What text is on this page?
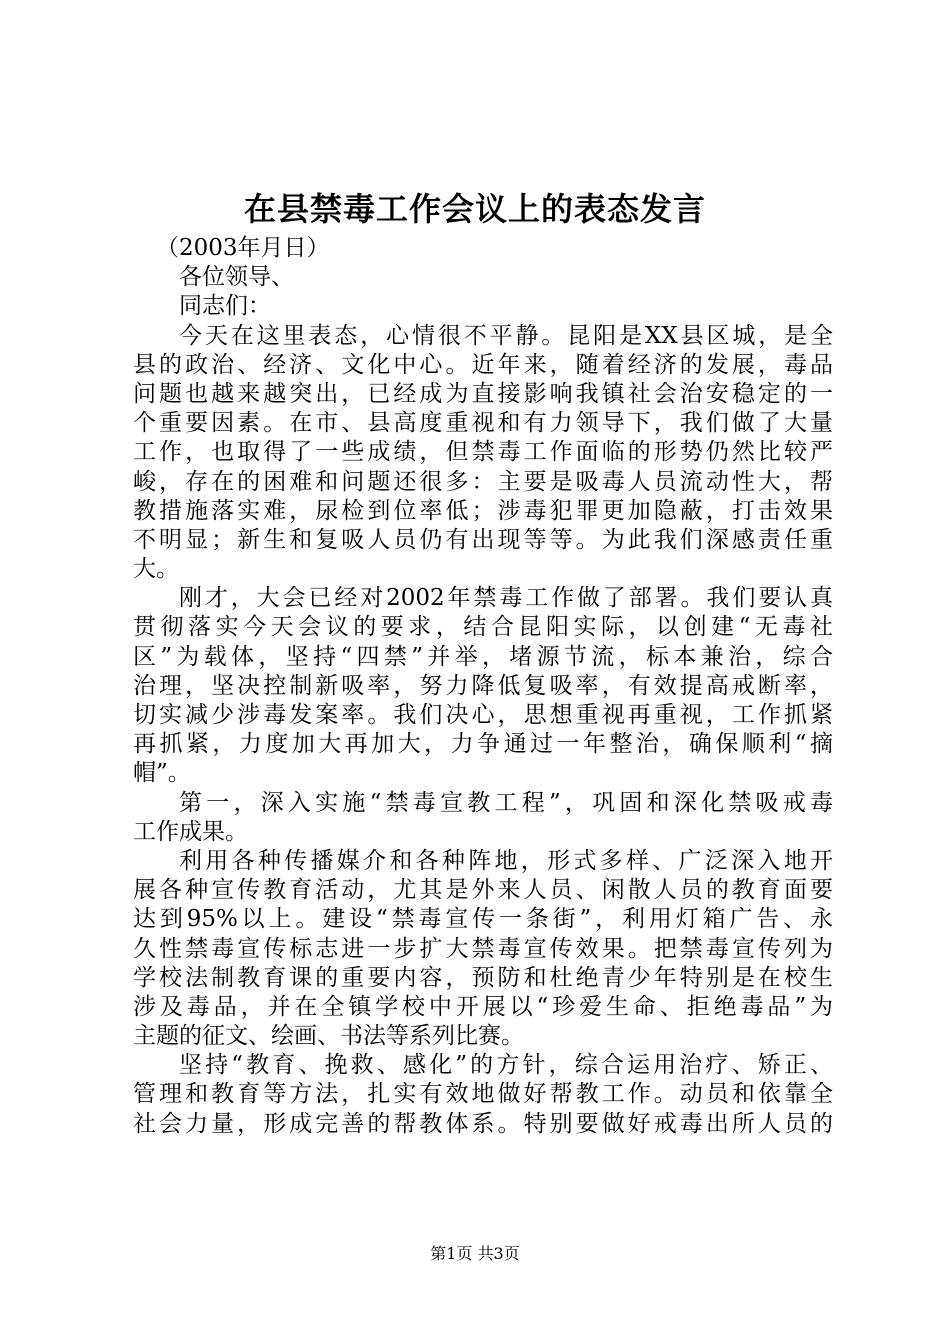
在县禁毒工作会议上的表态发言
（2003年月日）
各位领导、
同志们：
今天在这里表态，心情很不平静。昆阳是XX县区城，是全
县的政治、经济、文化中心。近年来，随着经济的发展，毒品
问题也越来越突出，已经成为直接影响我镇社会治安稳定的一
个重要因素。在市、县高度重视和有力领导下，我们做了大量
工作，也取得了一些成绩，但禁毒工作面临的形势仍然比较严
峻，存在的困难和问题还很多：主要是吸毒人员流动性大，帮
教措施落实难，尿检到位率低；涉毒犯罪更加隐蔽，打击效果
不明显；新生和复吸人员仍有出现等等。为此我们深感责任重
大。
刚才，大会已经对2002年禁毒工作做了部署。我们要认真
贯彻落实今天会议的要求，结合昆阳实际，以创建“无毒社
区”为载体，坚持“四禁”并举，堵源节流，标本兼治，综合
治理，坚决控制新吸率，努力降低复吸率，有效提高戒断率，
切实减少涉毒发案率。我们决心，思想重视再重视，工作抓紧
再抓紧，力度加大再加大，力争通过一年整治，确保顺利“摘
帽”。
第一，深入实施“禁毒宣教工程”，巩固和深化禁吸戒毒
工作成果。
利用各种传播媒介和各种阵地，形式多样、广泛深入地开
展各种宣传教育活动，尤其是外来人员、闲散人员的教育面要
达到95%以上。建设“禁毒宣传一条街”，利用灯箱广告、永
久性禁毒宣传标志进一步扩大禁毒宣传效果。把禁毒宣传列为
学校法制教育课的重要内容，预防和杜绝青少年特别是在校生
涉及毒品，并在全镇学校中开展以“珍爱生命、拒绝毒品”为
主题的征文、绘画、书法等系列比赛。
坚持“教育、挽救、感化”的方针，综合运用治疗、矫正、
管理和教育等方法，扎实有效地做好帮教工作。动员和依靠全
社会力量，形成完善的帮教体系。特别要做好戒毒出所人员的
第1页 共3页
